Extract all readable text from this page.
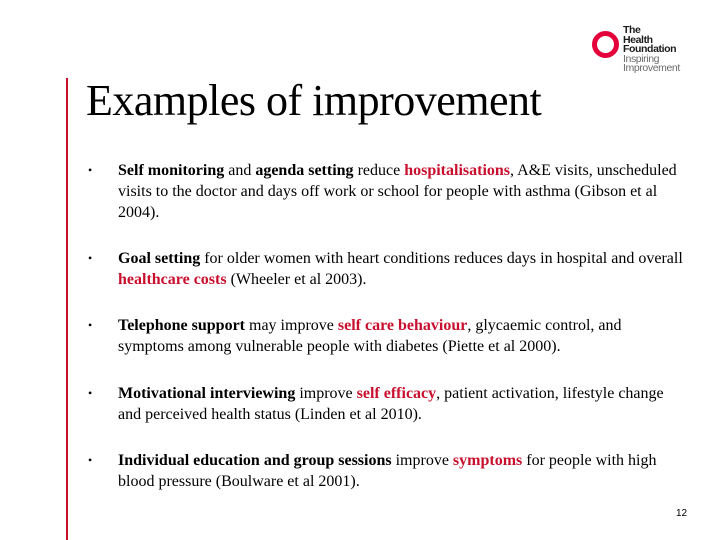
The
Health
Foundation
Inspiring
Improvement
Examples of improvement
• Self monitoring and agenda setting reduce hospitalisations, A&E visits, unscheduled visits to the doctor and days off work or school for people with asthma (Gibson et al 2004).
• Goal setting for older women with heart conditions reduces days in hospital and overall healthcare costs (Wheeler et al 2003).
• Telephone support may improve self care behaviour, glycaemic control, and symptoms among vulnerable people with diabetes (Piette et al 2000).
• Motivational interviewing improve self efficacy, patient activation, lifestyle change and perceived health status (Linden et al 2010).
• Individual education and group sessions improve symptoms for people with high blood pressure (Boulware et al 2001).
12
